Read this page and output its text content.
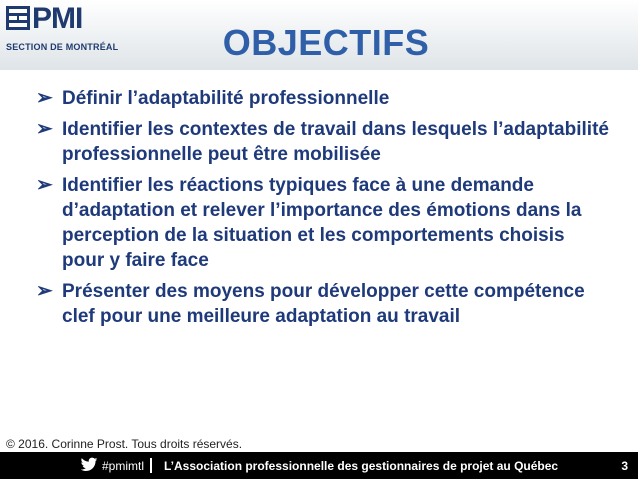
PMI
SECTION DE MONTRÉAL	OBJECTIFS
➢ Définir l’adaptabilité professionnelle
➢ Identifier les contextes de travail dans lesquels l’adaptabilité professionnelle peut être mobilisée
➢ Identifier les réactions typiques face à une demande d’adaptation et relever l’importance des émotions dans la perception de la situation et les comportements choisis pour y faire face
➢ Présenter des moyens pour développer cette compétence clef pour une meilleure adaptation au travail
© 2016. Corinne Prost. Tous droits réservés.
#pmimtl L’Association professionnelle des gestionnaires de projet au Québec	3
